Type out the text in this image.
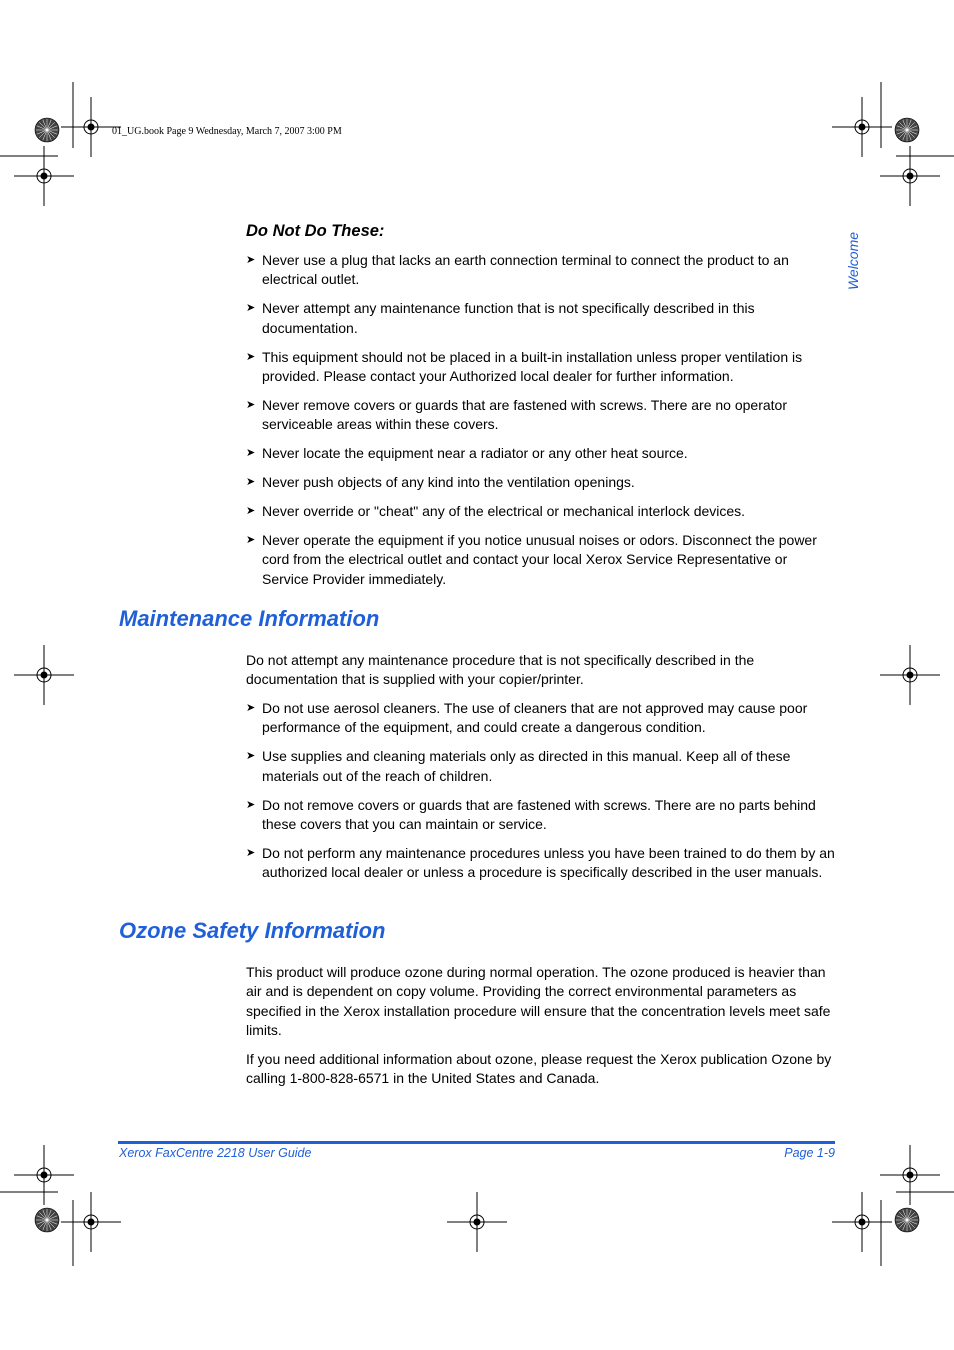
01_UG.book Page 9 Wednesday, March 7, 2007 3:00 PM
Welcome
Do Not Do These:
➤ Never use a plug that lacks an earth connection terminal to connect the product to an electrical outlet.
➤ Never attempt any maintenance function that is not specifically described in this documentation.
➤ This equipment should not be placed in a built-in installation unless proper ventilation is provided. Please contact your Authorized local dealer for further information.
➤ Never remove covers or guards that are fastened with screws. There are no operator serviceable areas within these covers.
➤ Never locate the equipment near a radiator or any other heat source.
➤ Never push objects of any kind into the ventilation openings.
➤ Never override or "cheat" any of the electrical or mechanical interlock devices.
➤ Never operate the equipment if you notice unusual noises or odors. Disconnect the power cord from the electrical outlet and contact your local Xerox Service Representative or Service Provider immediately.
Maintenance Information

Do not attempt any maintenance procedure that is not specifically described in the documentation that is supplied with your copier/printer.

➤ Do not use aerosol cleaners. The use of cleaners that are not approved may cause poor performance of the equipment, and could create a dangerous condition.
➤ Use supplies and cleaning materials only as directed in this manual. Keep all of these materials out of the reach of children.
➤ Do not remove covers or guards that are fastened with screws. There are no parts behind these covers that you can maintain or service.
➤ Do not perform any maintenance procedures unless you have been trained to do them by an authorized local dealer or unless a procedure is specifically described in the user manuals.
Ozone Safety Information

This product will produce ozone during normal operation. The ozone produced is heavier than air and is dependent on copy volume. Providing the correct environmental parameters as specified in the Xerox installation procedure will ensure that the concentration levels meet safe limits.

If you need additional information about ozone, please request the Xerox publication Ozone by calling 1-800-828-6571 in the United States and Canada.

Xerox FaxCentre 2218 User Guide	Page 1-9
